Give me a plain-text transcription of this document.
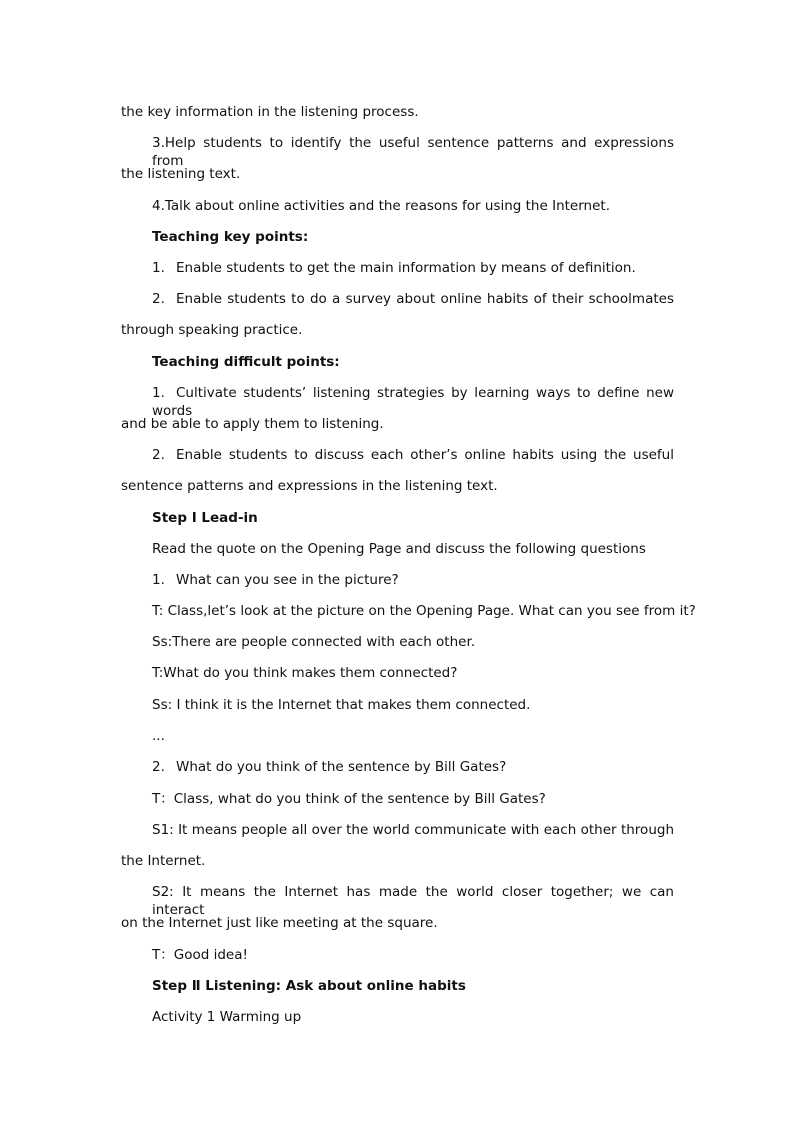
the key information in the listening process.
3.Help students to identify the useful sentence patterns and expressions from
the listening text.
4.Talk about online activities and the reasons for using the Internet.
Teaching key points:
1. Enable students to get the main information by means of definition.
2. Enable students to do a survey about online habits of their schoolmates
through speaking practice.
Teaching difficult points:
1. Cultivate students’ listening strategies by learning ways to define new words
and be able to apply them to listening.
2. Enable students to discuss each other’s online habits using the useful
sentence patterns and expressions in the listening text.
Step Ⅰ Lead-in
Read the quote on the Opening Page and discuss the following questions
1. What can you see in the picture?
T: Class,let’s look at the picture on the Opening Page. What can you see from it?
Ss:There are people connected with each other.
T:What do you think makes them connected?
Ss: I think it is the Internet that makes them connected.
...
2. What do you think of the sentence by Bill Gates?
T：Class, what do you think of the sentence by Bill Gates?
S1: It means people all over the world communicate with each other through
the Internet.
S2: It means the Internet has made the world closer together; we can interact
on the Internet just like meeting at the square.
T：Good idea!
Step Ⅱ Listening: Ask about online habits
Activity 1 Warming up
